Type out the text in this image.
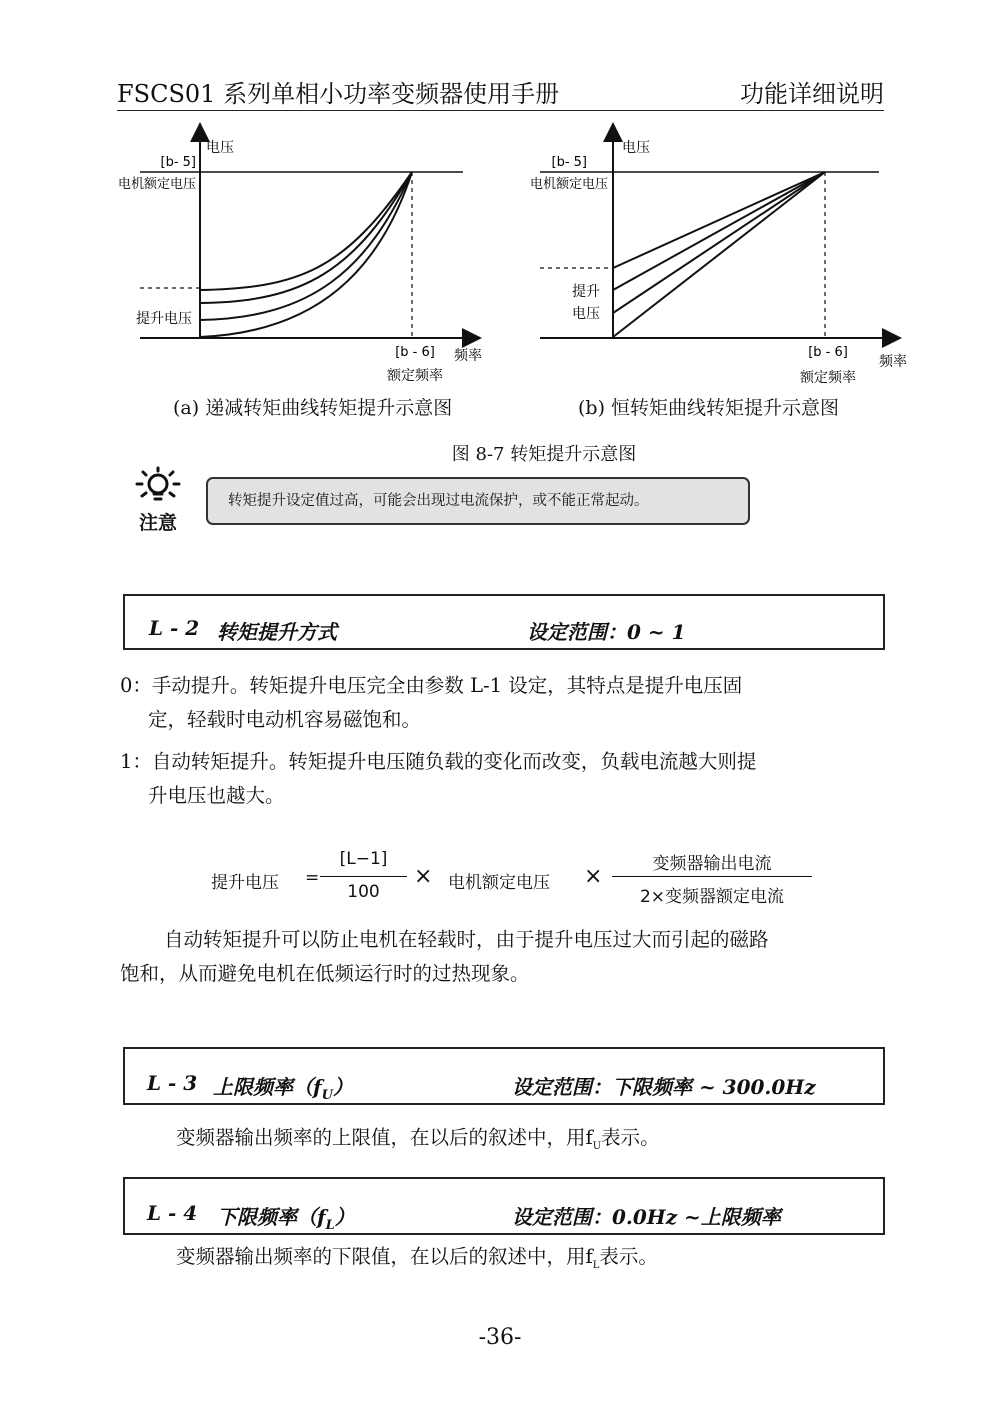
FSCS01 系列单相小功率变频器使用手册	功能详细说明
电压
[b- 5]
电机额定电压
提升电压
[b - 6] 频率
额定频率
(a) 递减转矩曲线转矩提升示意图
电压
[b- 5]
电机额定电压
提升
电压
[b - 6]
频率
额定频率
(b) 恒转矩曲线转矩提升示意图
图 8-7 转矩提升示意图
注意
转矩提升设定值过高，可能会出现过电流保护，或不能正常起动。
L - 2 转矩提升方式	设定范围：0 ~ 1
0：手动提升。转矩提升电压完全由参数 L-1 设定，其特点是提升电压固
定，轻载时电动机容易磁饱和。
1：自动转矩提升。转矩提升电压随负载的变化而改变，负载电流越大则提
升电压也越大。
提升电压 =
[L−1]
100
× 电机额定电压 ×	变频器输出电流
2×变频器额定电流
自动转矩提升可以防止电机在轻载时，由于提升电压过大而引起的磁路
饱和，从而避免电机在低频运行时的过热现象。
L - 3 上限频率$(f_U)$	设定范围：下限频率 ~ 300.0Hz
变频器输出频率的上限值，在以后的叙述中，用$f_U$表示。
L - 4 下限频率$(f_L)$	设定范围：0.0Hz ~上限频率
变频器输出频率的下限值，在以后的叙述中，用$f_L$表示。
-36-
